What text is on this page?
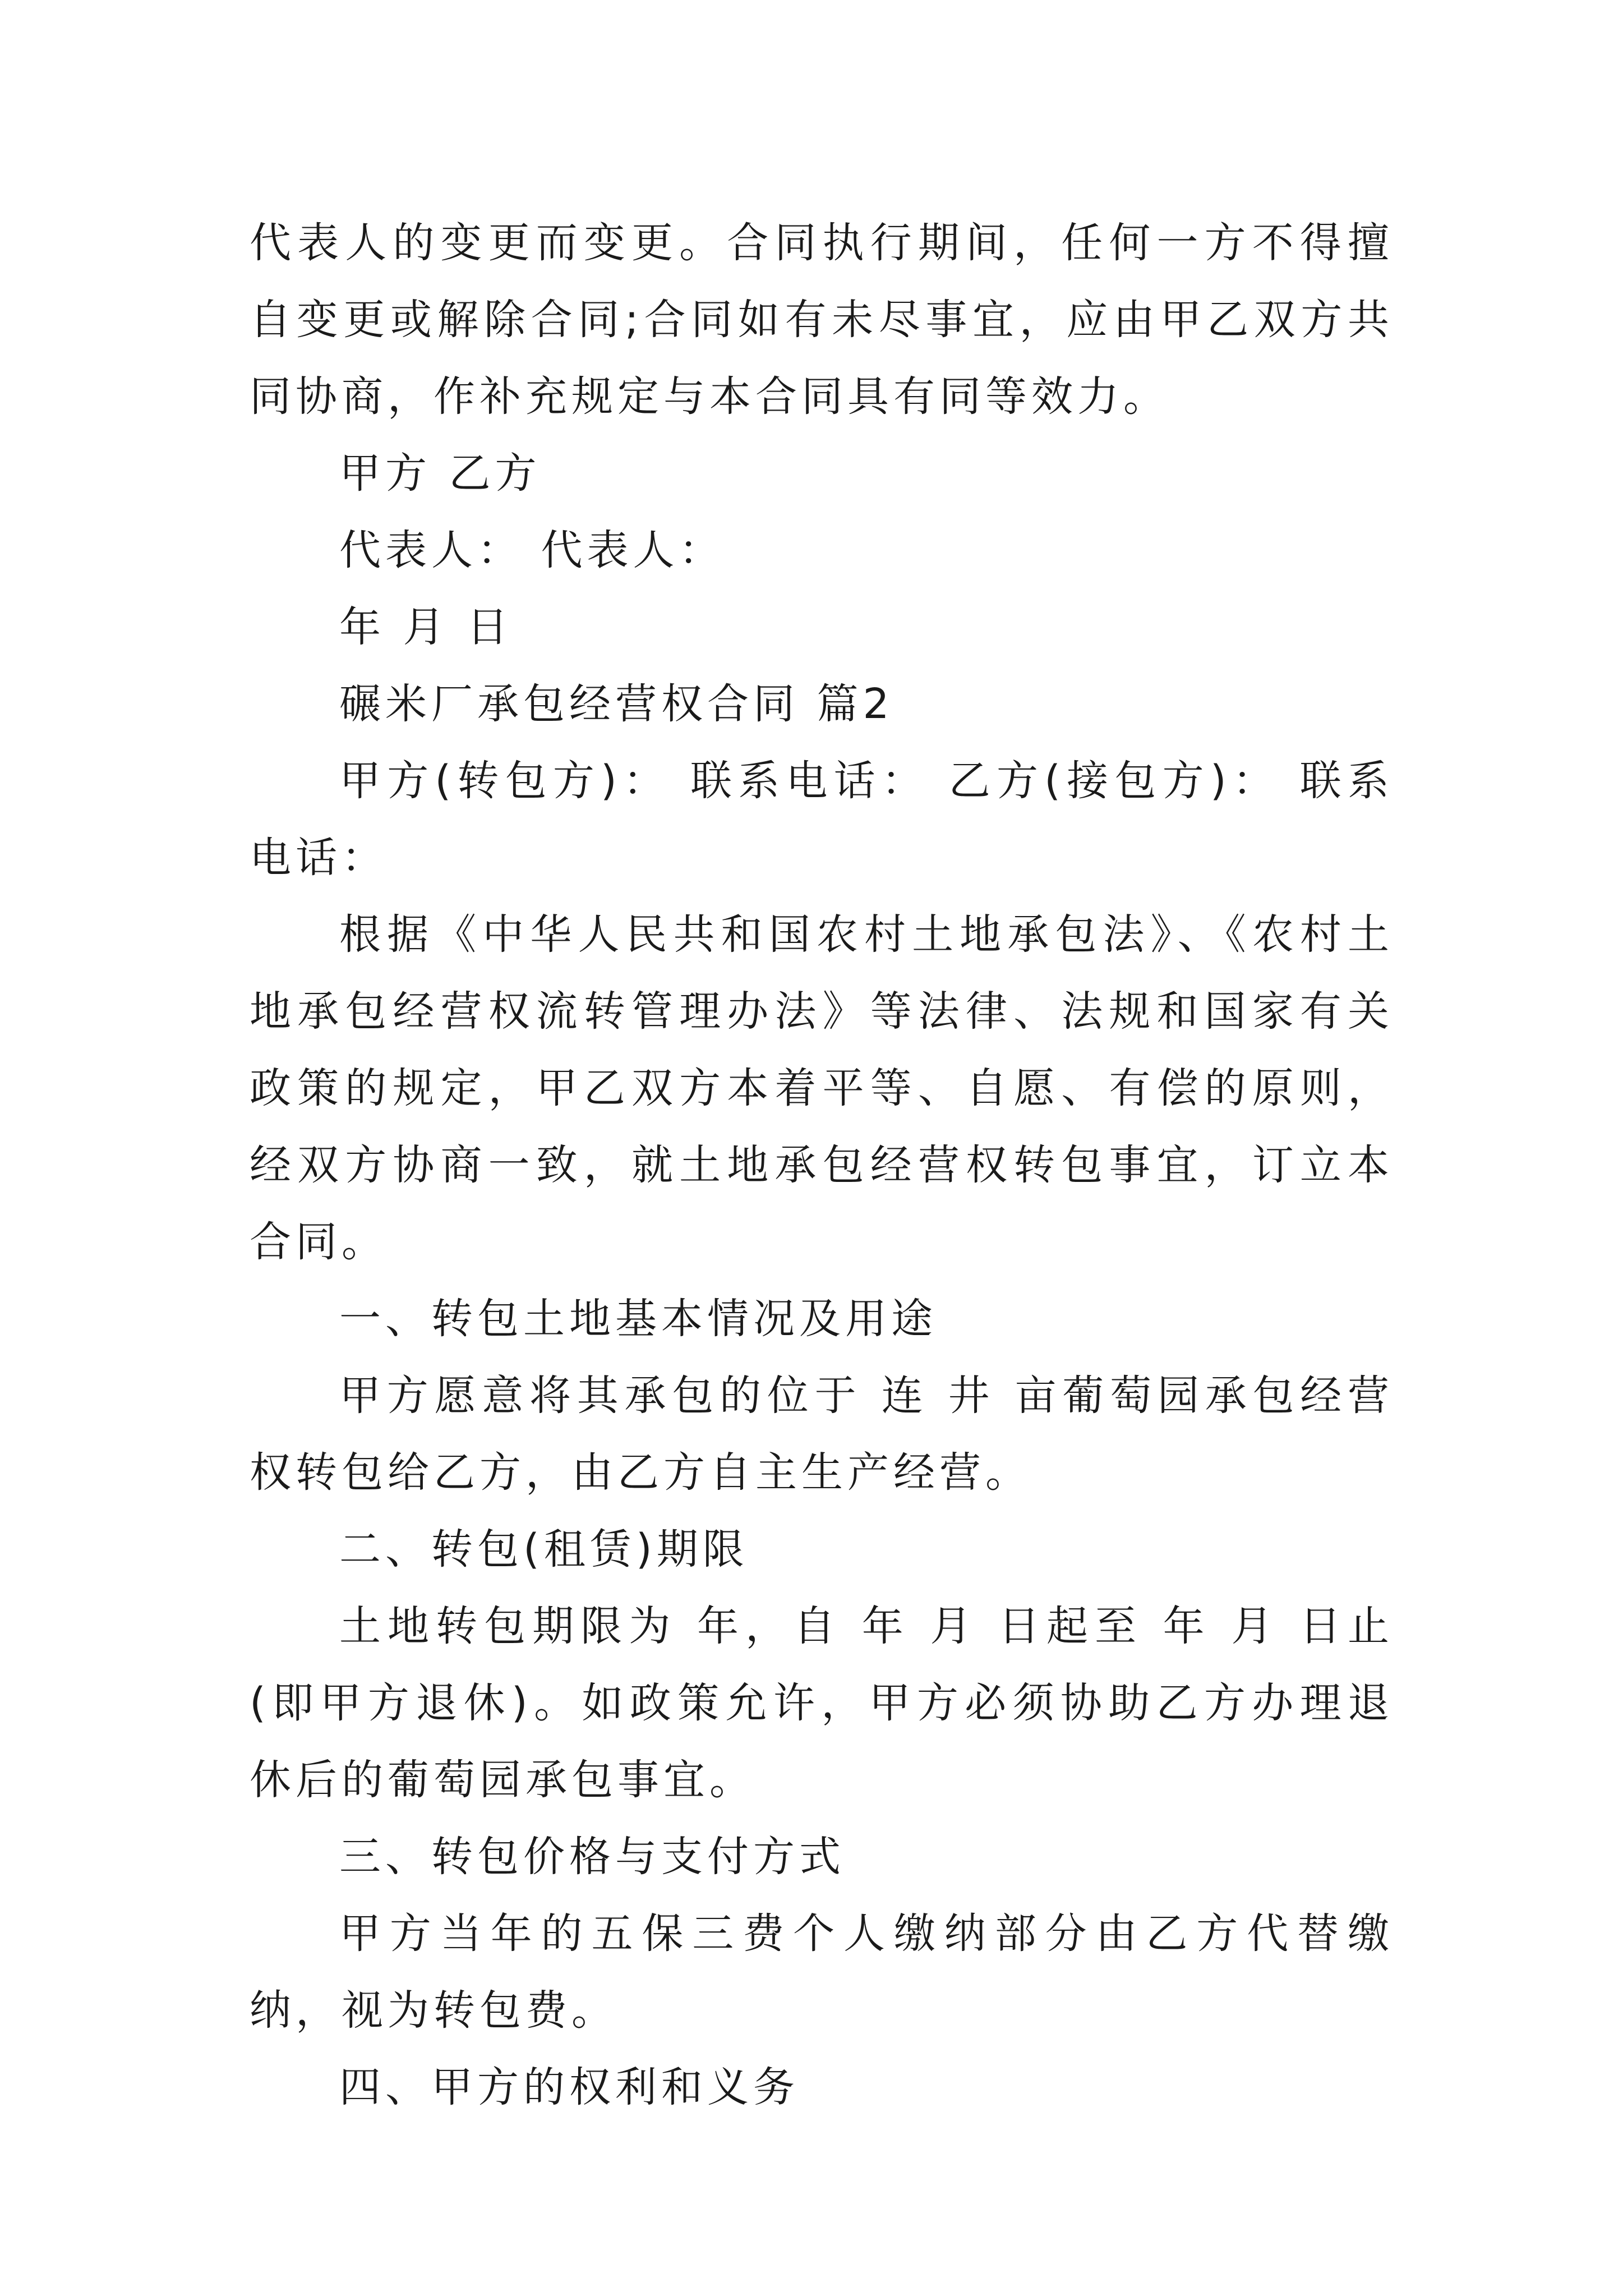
代表人的变更而变更。合同执行期间，任何一方不得擅自变更或解除合同;合同如有未尽事宜，应由甲乙双方共同协商，作补充规定与本合同具有同等效力。

甲方 乙方

代表人： 代表人：

年 月 日

碾米厂承包经营权合同 篇2

甲方(转包方)： 联系电话： 乙方(接包方)： 联系电话：

根据《中华人民共和国农村土地承包法》、《农村土地承包经营权流转管理办法》等法律、法规和国家有关政策的规定，甲乙双方本着平等、自愿、有偿的原则，经双方协商一致，就土地承包经营权转包事宜，订立本合同。

一、转包土地基本情况及用途

甲方愿意将其承包的位于 连 井 亩葡萄园承包经营权转包给乙方，由乙方自主生产经营。

二、转包(租赁)期限

土地转包期限为 年，自 年 月 日起至 年 月 日止(即甲方退休)。如政策允许，甲方必须协助乙方办理退休后的葡萄园承包事宜。

三、转包价格与支付方式

甲方当年的五保三费个人缴纳部分由乙方代替缴纳，视为转包费。

四、甲方的权利和义务
